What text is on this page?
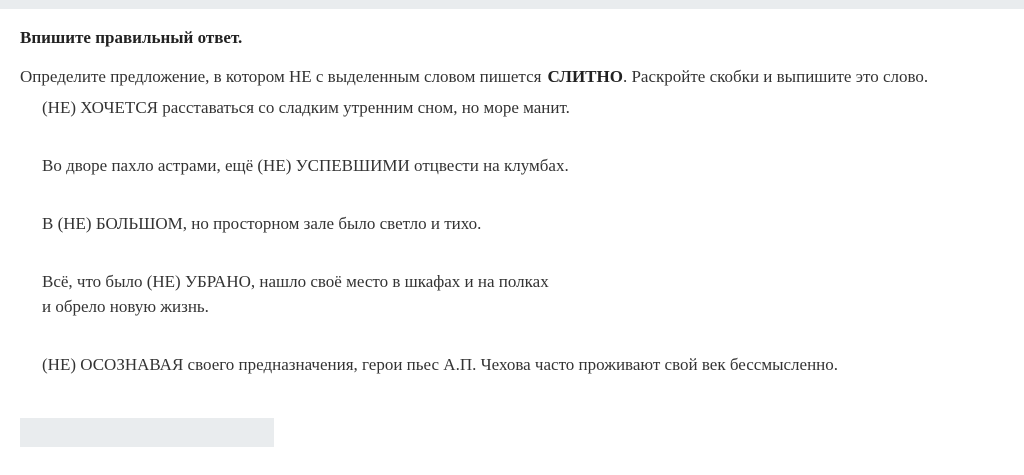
Впишите правильный ответ.
Определите предложение, в котором НЕ с выделенным словом пишется СЛИТНО. Раскройте скобки и выпишите это слово.
(НЕ) ХОЧЕТСЯ расставаться со сладким утренним сном, но море манит.
Во дворе пахло астрами, ещё (НЕ) УСПЕВШИМИ отцвести на клумбах.
В (НЕ) БОЛЬШОМ, но просторном зале было светло и тихо.
Всё, что было (НЕ) УБРАНО, нашло своё место в шкафах и на полках
и обрело новую жизнь.
(НЕ) ОСОЗНАВАЯ своего предназначения, герои пьес А.П. Чехова часто проживают свой век бессмысленно.
